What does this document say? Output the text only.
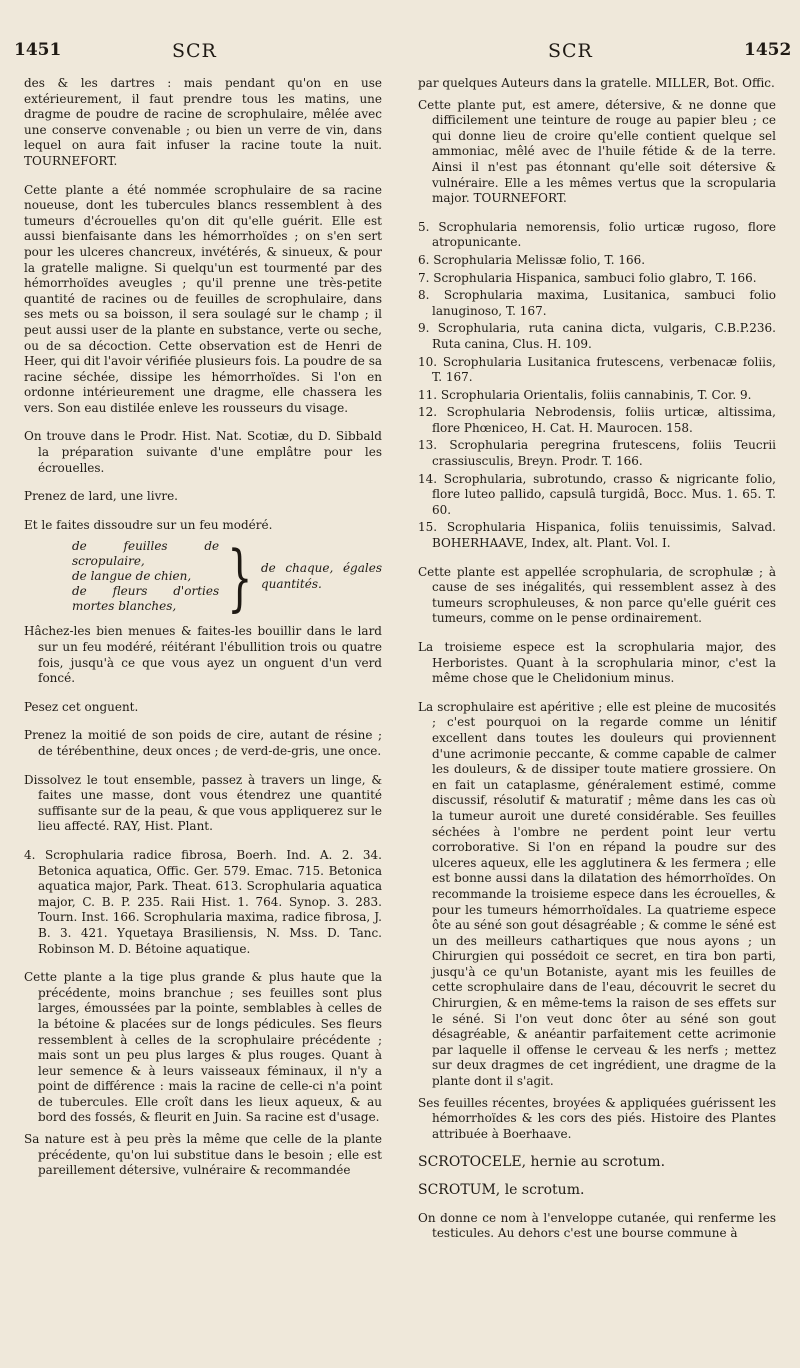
1451	SCR	SCR	1452

des & les dartres : mais pendant qu'on en use extérieurement, il faut prendre tous les matins, une dragme de poudre de racine de scrophulaire, mêlée avec une conserve convenable ; ou bien un verre de vin, dans lequel on aura fait infuser la racine toute la nuit. TOURNEFORT.

Cette plante a été nommée scrophulaire de sa racine noueuse, dont les tubercules blancs ressemblent à des tumeurs d'écrouelles qu'on dit qu'elle guérit. Elle est aussi bienfaisante dans les hémorrhoïdes ; on s'en sert pour les ulceres chancreux, invétérés, & sinueux, & pour la gratelle maligne. Si quelqu'un est tourmenté par des hémorrhoïdes aveugles ; qu'il prenne une très-petite quantité de racines ou de feuilles de scrophulaire, dans ses mets ou sa boisson, il sera soulagé sur le champ ; il peut aussi user de la plante en substance, verte ou seche, ou de sa décoction. Cette observation est de Henri de Heer, qui dit l'avoir vérifiée plusieurs fois. La poudre de sa racine séchée, dissipe les hémorrhoïdes. Si l'on en ordonne intérieurement une dragme, elle chassera les vers. Son eau distilée enleve les rousseurs du visage.

On trouve dans le Prodr. Hist. Nat. Scotiæ, du D. Sibbald la préparation suivante d'une emplâtre pour les écrouelles.

Prenez de lard, une livre.

Et le faites dissoudre sur un feu modéré.

de feuilles de scropulaire,
de langue de chien,
de fleurs d'orties mortes blanches, } de chaque, égales quantités.

Hâchez-les bien menues & faites-les bouillir dans le lard sur un feu modéré, réitérant l'ébullition trois ou quatre fois, jusqu'à ce que vous ayez un onguent d'un verd foncé.

Pesez cet onguent.

Prenez la moitié de son poids de cire, autant de résine ; de térébenthine, deux onces ; de verd-de-gris, une once.

Dissolvez le tout ensemble, passez à travers un linge, & faites une masse, dont vous étendrez une quantité suffisante sur de la peau, & que vous appliquerez sur le lieu affecté. RAY, Hist. Plant.

4. Scrophularia radice fibrosa, Boerh. Ind. A. 2. 34. Betonica aquatica, Offic. Ger. 579. Emac. 715. Betonica aquatica major, Park. Theat. 613. Scrophularia aquatica major, C. B. P. 235. Raii Hist. 1. 764. Synop. 3. 283. Tourn. Inst. 166. Scrophularia maxima, radice fibrosa, J. B. 3. 421. Yquetaya Brasiliensis, N. Mss. D. Tanc. Robinson M. D. Bétoine aquatique.

Cette plante a la tige plus grande & plus haute que la précédente, moins branchue ; ses feuilles sont plus larges, émoussées par la pointe, semblables à celles de la bétoine & placées sur de longs pédicules. Ses fleurs ressemblent à celles de la scrophulaire précédente ; mais sont un peu plus larges & plus rouges. Quant à leur semence & à leurs vaisseaux féminaux, il n'y a point de différence : mais la racine de celle-ci n'a point de tubercules. Elle croît dans les lieux aqueux, & au bord des fossés, & fleurit en Juin. Sa racine est d'usage.

Sa nature est à peu près la même que celle de la plante précédente, qu'on lui substitue dans le besoin ; elle est pareillement détersive, vulnéraire & recommandée

par quelques Auteurs dans la gratelle. MILLER, Bot. Offic.

Cette plante put, est amere, détersive, & ne donne que difficilement une teinture de rouge au papier bleu ; ce qui donne lieu de croire qu'elle contient quelque sel ammoniac, mêlé avec de l'huile fétide & de la terre. Ainsi il n'est pas étonnant qu'elle soit détersive & vulnéraire. Elle a les mêmes vertus que la scropularia major. TOURNEFORT.

5. Scrophularia nemorensis, folio urticæ rugoso, flore atropunicante.

6. Scrophularia Melissæ folio, T. 166.

7. Scrophularia Hispanica, sambuci folio glabro, T. 166.

8. Scrophularia maxima, Lusitanica, sambuci folio lanuginoso, T. 167.

9. Scrophularia, ruta canina dicta, vulgaris, C.B.P.236. Ruta canina, Clus. H. 109.

10. Scrophularia Lusitanica frutescens, verbenacæ foliis, T. 167.

11. Scrophularia Orientalis, foliis cannabinis, T. Cor. 9.

12. Scrophularia Nebrodensis, foliis urticæ, altissima, flore Phœniceo, H. Cat. H. Maurocen. 158.

13. Scrophularia peregrina frutescens, foliis Teucrii crassiusculis, Breyn. Prodr. T. 166.

14. Scrophularia, subrotundo, crasso & nigricante folio, flore luteo pallido, capsulâ turgidâ, Bocc. Mus. 1. 65. T. 60.

15. Scrophularia Hispanica, foliis tenuissimis, Salvad. BOHERHAAVE, Index, alt. Plant. Vol. I.

Cette plante est appellée scrophularia, de scrophulæ ; à cause de ses inégalités, qui ressemblent assez à des tumeurs scrophuleuses, & non parce qu'elle guérit ces tumeurs, comme on le pense ordinairement.

La troisieme espece est la scrophularia major, des Herboristes. Quant à la scrophularia minor, c'est la même chose que le Chelidonium minus.

La scrophulaire est apéritive ; elle est pleine de mucosités ; c'est pourquoi on la regarde comme un lénitif excellent dans toutes les douleurs qui proviennent d'une acrimonie peccante, & comme capable de calmer les douleurs, & de dissiper toute matiere grossiere. On en fait un cataplasme, généralement estimé, comme discussif, résolutif & maturatif ; même dans les cas où la tumeur auroit une dureté considérable. Ses feuilles séchées à l'ombre ne perdent point leur vertu corroborative. Si l'on en répand la poudre sur des ulceres aqueux, elle les agglutinera & les fermera ; elle est bonne aussi dans la dilatation des hémorrhoïdes. On recommande la troisieme espece dans les écrouelles, & pour les tumeurs hémorrhoïdales. La quatrieme espece ôte au séné son gout désagréable ; & comme le séné est un des meilleurs cathartiques que nous ayons ; un Chirurgien qui possédoit ce secret, en tira bon parti, jusqu'à ce qu'un Botaniste, ayant mis les feuilles de cette scrophulaire dans de l'eau, découvrit le secret du Chirurgien, & en même-tems la raison de ses effets sur le séné. Si l'on veut donc ôter au séné son gout désagréable, & anéantir parfaitement cette acrimonie par laquelle il offense le cerveau & les nerfs ; mettez sur deux dragmes de cet ingrédient, une dragme de la plante dont il s'agit.

Ses feuilles récentes, broyées & appliquées guérissent les hémorrhoïdes & les cors des piés. Histoire des Plantes attribuée à Boerhaave.

SCROTOCELE, hernie au scrotum.

SCROTUM, le scrotum.

On donne ce nom à l'enveloppe cutanée, qui renferme les testicules. Au dehors c'est une bourse commune à
